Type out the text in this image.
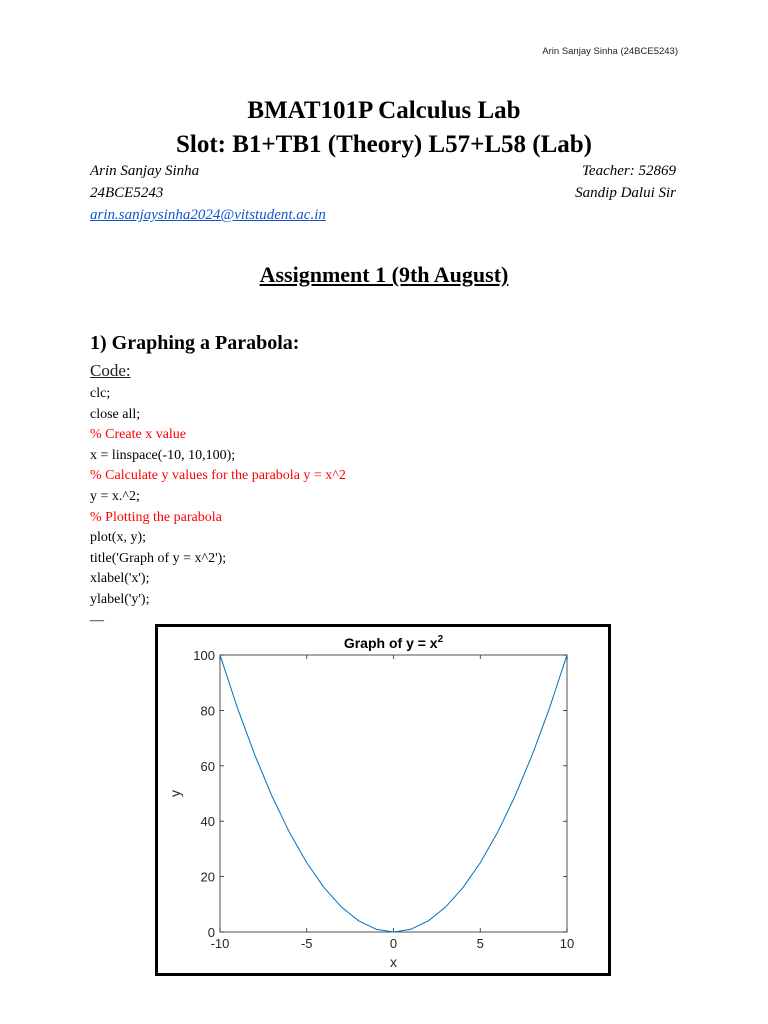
Arin Sanjay Sinha (24BCE5243)
BMAT101P Calculus Lab
Slot: B1+TB1 (Theory) L57+L58 (Lab)
Arin Sanjay Sinha	Teacher: 52869
24BCE5243	Sandip Dalui Sir
arin.sanjaysinha2024@vitstudent.ac.in
Assignment 1 (9th August)
1) Graphing a Parabola:
Code:
clc;
close all;
% Create x value
x = linspace(-10, 10,100);
% Calculate y values for the parabola y = x^2
y = x.^2;
% Plotting the parabola
plot(x, y);
title('Graph of y = x^2');
xlabel('x');
ylabel('y');
—
-10	-5	0	5	10
0
20
40
60
80
100
Graph of $y = x^2$
x
y
